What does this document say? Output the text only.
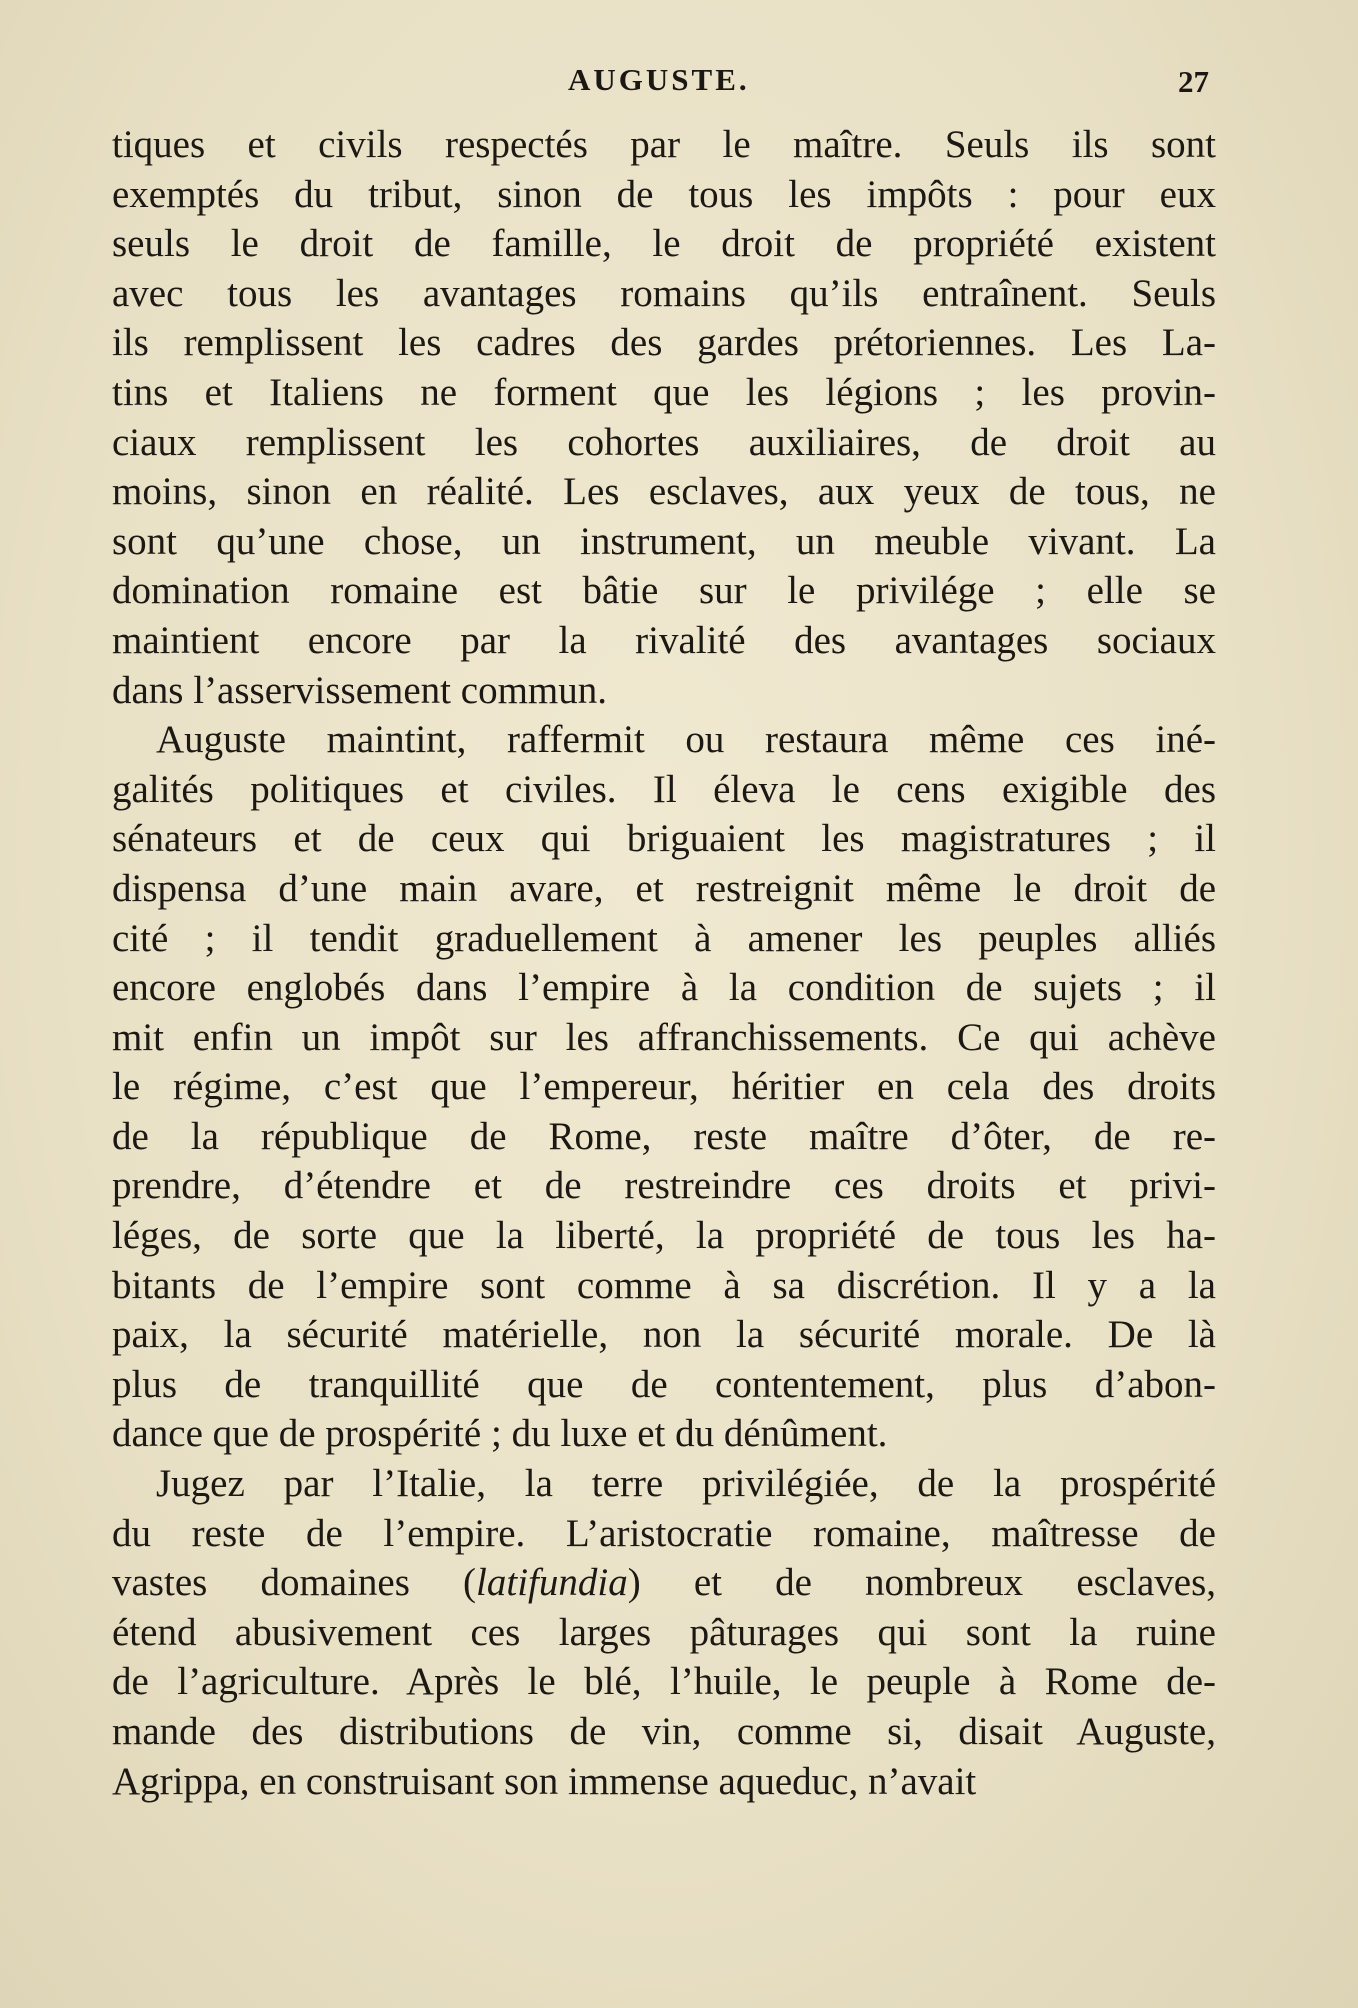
AUGUSTE.	27
tiques et civils respectés par le maître. Seuls ils sont
exemptés du tribut, sinon de tous les impôts : pour eux
seuls le droit de famille, le droit de propriété existent
avec tous les avantages romains qu’ils entraînent. Seuls
ils remplissent les cadres des gardes prétoriennes. Les La-
tins et Italiens ne forment que les légions ; les provin-
ciaux remplissent les cohortes auxiliaires, de droit au
moins, sinon en réalité. Les esclaves, aux yeux de tous, ne
sont qu’une chose, un instrument, un meuble vivant. La
domination romaine est bâtie sur le privilége ; elle se
maintient encore par la rivalité des avantages sociaux
dans l’asservissement commun.
Auguste maintint, raffermit ou restaura même ces iné-
galités politiques et civiles. Il éleva le cens exigible des
sénateurs et de ceux qui briguaient les magistratures ; il
dispensa d’une main avare, et restreignit même le droit de
cité ; il tendit graduellement à amener les peuples alliés
encore englobés dans l’empire à la condition de sujets ; il
mit enfin un impôt sur les affranchissements. Ce qui achève
le régime, c’est que l’empereur, héritier en cela des droits
de la république de Rome, reste maître d’ôter, de re-
prendre, d’étendre et de restreindre ces droits et privi-
léges, de sorte que la liberté, la propriété de tous les ha-
bitants de l’empire sont comme à sa discrétion. Il y a la
paix, la sécurité matérielle, non la sécurité morale. De là
plus de tranquillité que de contentement, plus d’abon-
dance que de prospérité ; du luxe et du dénûment.
Jugez par l’Italie, la terre privilégiée, de la prospérité
du reste de l’empire. L’aristocratie romaine, maîtresse de
vastes domaines (latifundia) et de nombreux esclaves,
étend abusivement ces larges pâturages qui sont la ruine
de l’agriculture. Après le blé, l’huile, le peuple à Rome de-
mande des distributions de vin, comme si, disait Auguste,
Agrippa, en construisant son immense aqueduc, n’avait
